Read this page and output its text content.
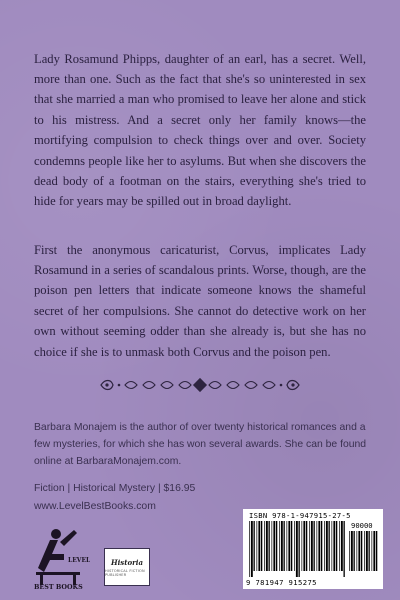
Lady Rosamund Phipps, daughter of an earl, has a secret. Well, more than one. Such as the fact that she's so uninterested in sex that she married a man who promised to leave her alone and stick to his mistress. And a secret only her family knows—the mortifying compulsion to check things over and over. Society condemns people like her to asylums. But when she discovers the dead body of a footman on the stairs, everything she's tried to hide for years may be spilled out in broad daylight.

First the anonymous caricaturist, Corvus, implicates Lady Rosamund in a series of scandalous prints. Worse, though, are the poison pen letters that indicate someone knows the shameful secret of her compulsions. She cannot do detective work on her own without seeming odder than she already is, but she has no choice if she is to unmask both Corvus and the poison pen.

Barbara Monajem is the author of over twenty historical romances and a few mysteries, for which she has won several awards. She can be found online at BarbaraMonajem.com.

Fiction | Historical Mystery | $16.95
www.LevelBestBooks.com
LEVEL
BEST BOOKS
Historia
HISTORICAL FICTION PUBLISHER
ISBN 978-1-947915-27-5
90000
9 781947 915275
